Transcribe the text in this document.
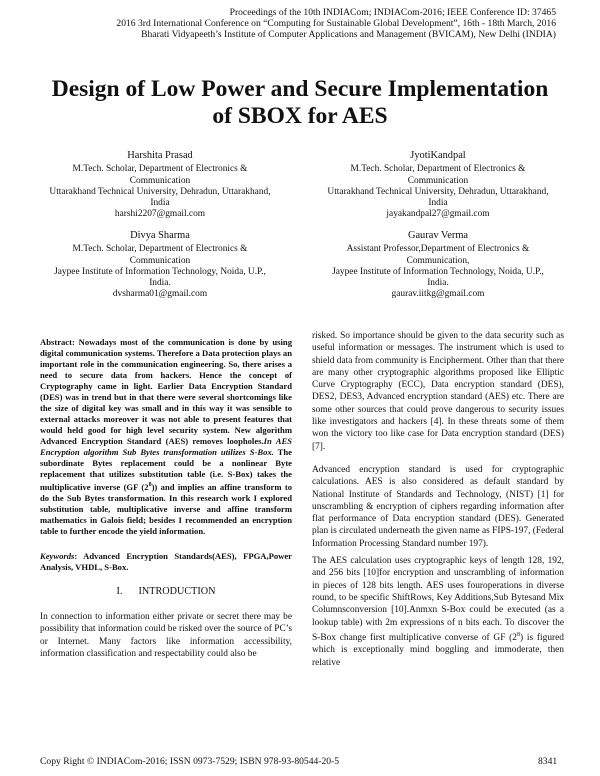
Proceedings of the 10th INDIACom; INDIACom-2016; IEEE Conference ID: 37465
2016 3rd International Conference on “Computing for Sustainable Global Development”, 16th - 18th March, 2016
Bharati Vidyapeeth’s Institute of Computer Applications and Management (BVICAM), New Delhi (INDIA)
Design of Low Power and Secure Implementation
of SBOX for AES
Harshita Prasad
M.Tech. Scholar, Department of Electronics &
Communication
Uttarakhand Technical University, Dehradun, Uttarakhand,
India
harshi2207@gmail.com
JyotiKandpal
M.Tech. Scholar, Department of Electronics &
Communication
Uttarakhand Technical University, Dehradun, Uttarakhand,
India
jayakandpal27@gmail.com
Divya Sharma
M.Tech. Scholar, Department of Electronics &
Communication
Jaypee Institute of Information Technology, Noida, U.P.,
India.
dvsharma01@gmail.com
Gaurav Verma
Assistant Professor,Department of Electronics &
Communication,
Jaypee Institute of Information Technology, Noida, U.P.,
India.
gaurav.iitkg@gmail.com

Abstract: Nowadays most of the communication is done by using digital communication systems. Therefore a Data protection plays an important role in the communication engineering. So, there arises a need to secure data from hackers. Hence the concept of Cryptography came in light. Earlier Data Encryption Standard (DES) was in trend but in that there were several shortcomings like the size of digital key was small and in this way it was sensible to external attacks moreover it was not able to present features that would held good for high level security system. New algorithm Advanced Encryption Standard (AES) removes loopholes.In AES Encryption algorithm Sub Bytes transformation utilizes S-Box. The subordinate Bytes replacement could be a nonlinear Byte replacement that utilizes substitution table (i.e. S-Box) takes the multiplicative inverse (GF $(2^8)$) and implies an affine transform to do the Sub Bytes transformation. In this research work I explored substitution table, multiplicative inverse and affine transform mathematics in Galois field; besides I recommended an encryption table to further encode the yield information.

Keywords: Advanced Encryption Standards(AES), FPGA,Power Analysis, VHDL, S-Box.

I. INTRODUCTION

In connection to information either private or secret there may be possibility that information could be risked over the source of PC’s or Internet. Many factors like information accessibility, information classification and respectability could also be

risked. So importance should be given to the data security such as useful information or messages. The instrument which is used to shield data from community is Encipherment. Other than that there are many other cryptographic algorithms proposed like Elliptic Curve Cryptography (ECC), Data encryption standard (DES), DES2, DES3, Advanced encryption standard (AES) etc. There are some other sources that could prove dangerous to security issues like investigators and hackers [4]. In these threats some of them won the victory too like case for Data encryption standard (DES) [7].

Advanced encryption standard is used for cryptographic calculations. AES is also considered as default standard by National Institute of Standards and Technology, (NIST) [1] for unscrambling & encryption of ciphers regarding information after flat performance of Data encryption standard (DES). Generated plan is circulated underneath the given name as FIPS-197, (Federal Information Processing Standard number 197).

The AES calculation uses cryptographic keys of length 128, 192, and 256 bits [10]for encryption and unscrambling of information in pieces of 128 bits length. AES uses fouroperations in diverse round, to be specific ShiftRows, Key Additions,Sub Bytesand Mix Columnsconversion [10].Anmxn S-Box could be executed (as a lookup table) with 2m expressions of n bits each. To discover the S-Box change first multiplicative converse of GF $(2^8)$ is figured which is exceptionally mind boggling and immoderate, then relative

Copy Right © INDIACom-2016; ISSN 0973-7529; ISBN 978-93-80544-20-5	8341
